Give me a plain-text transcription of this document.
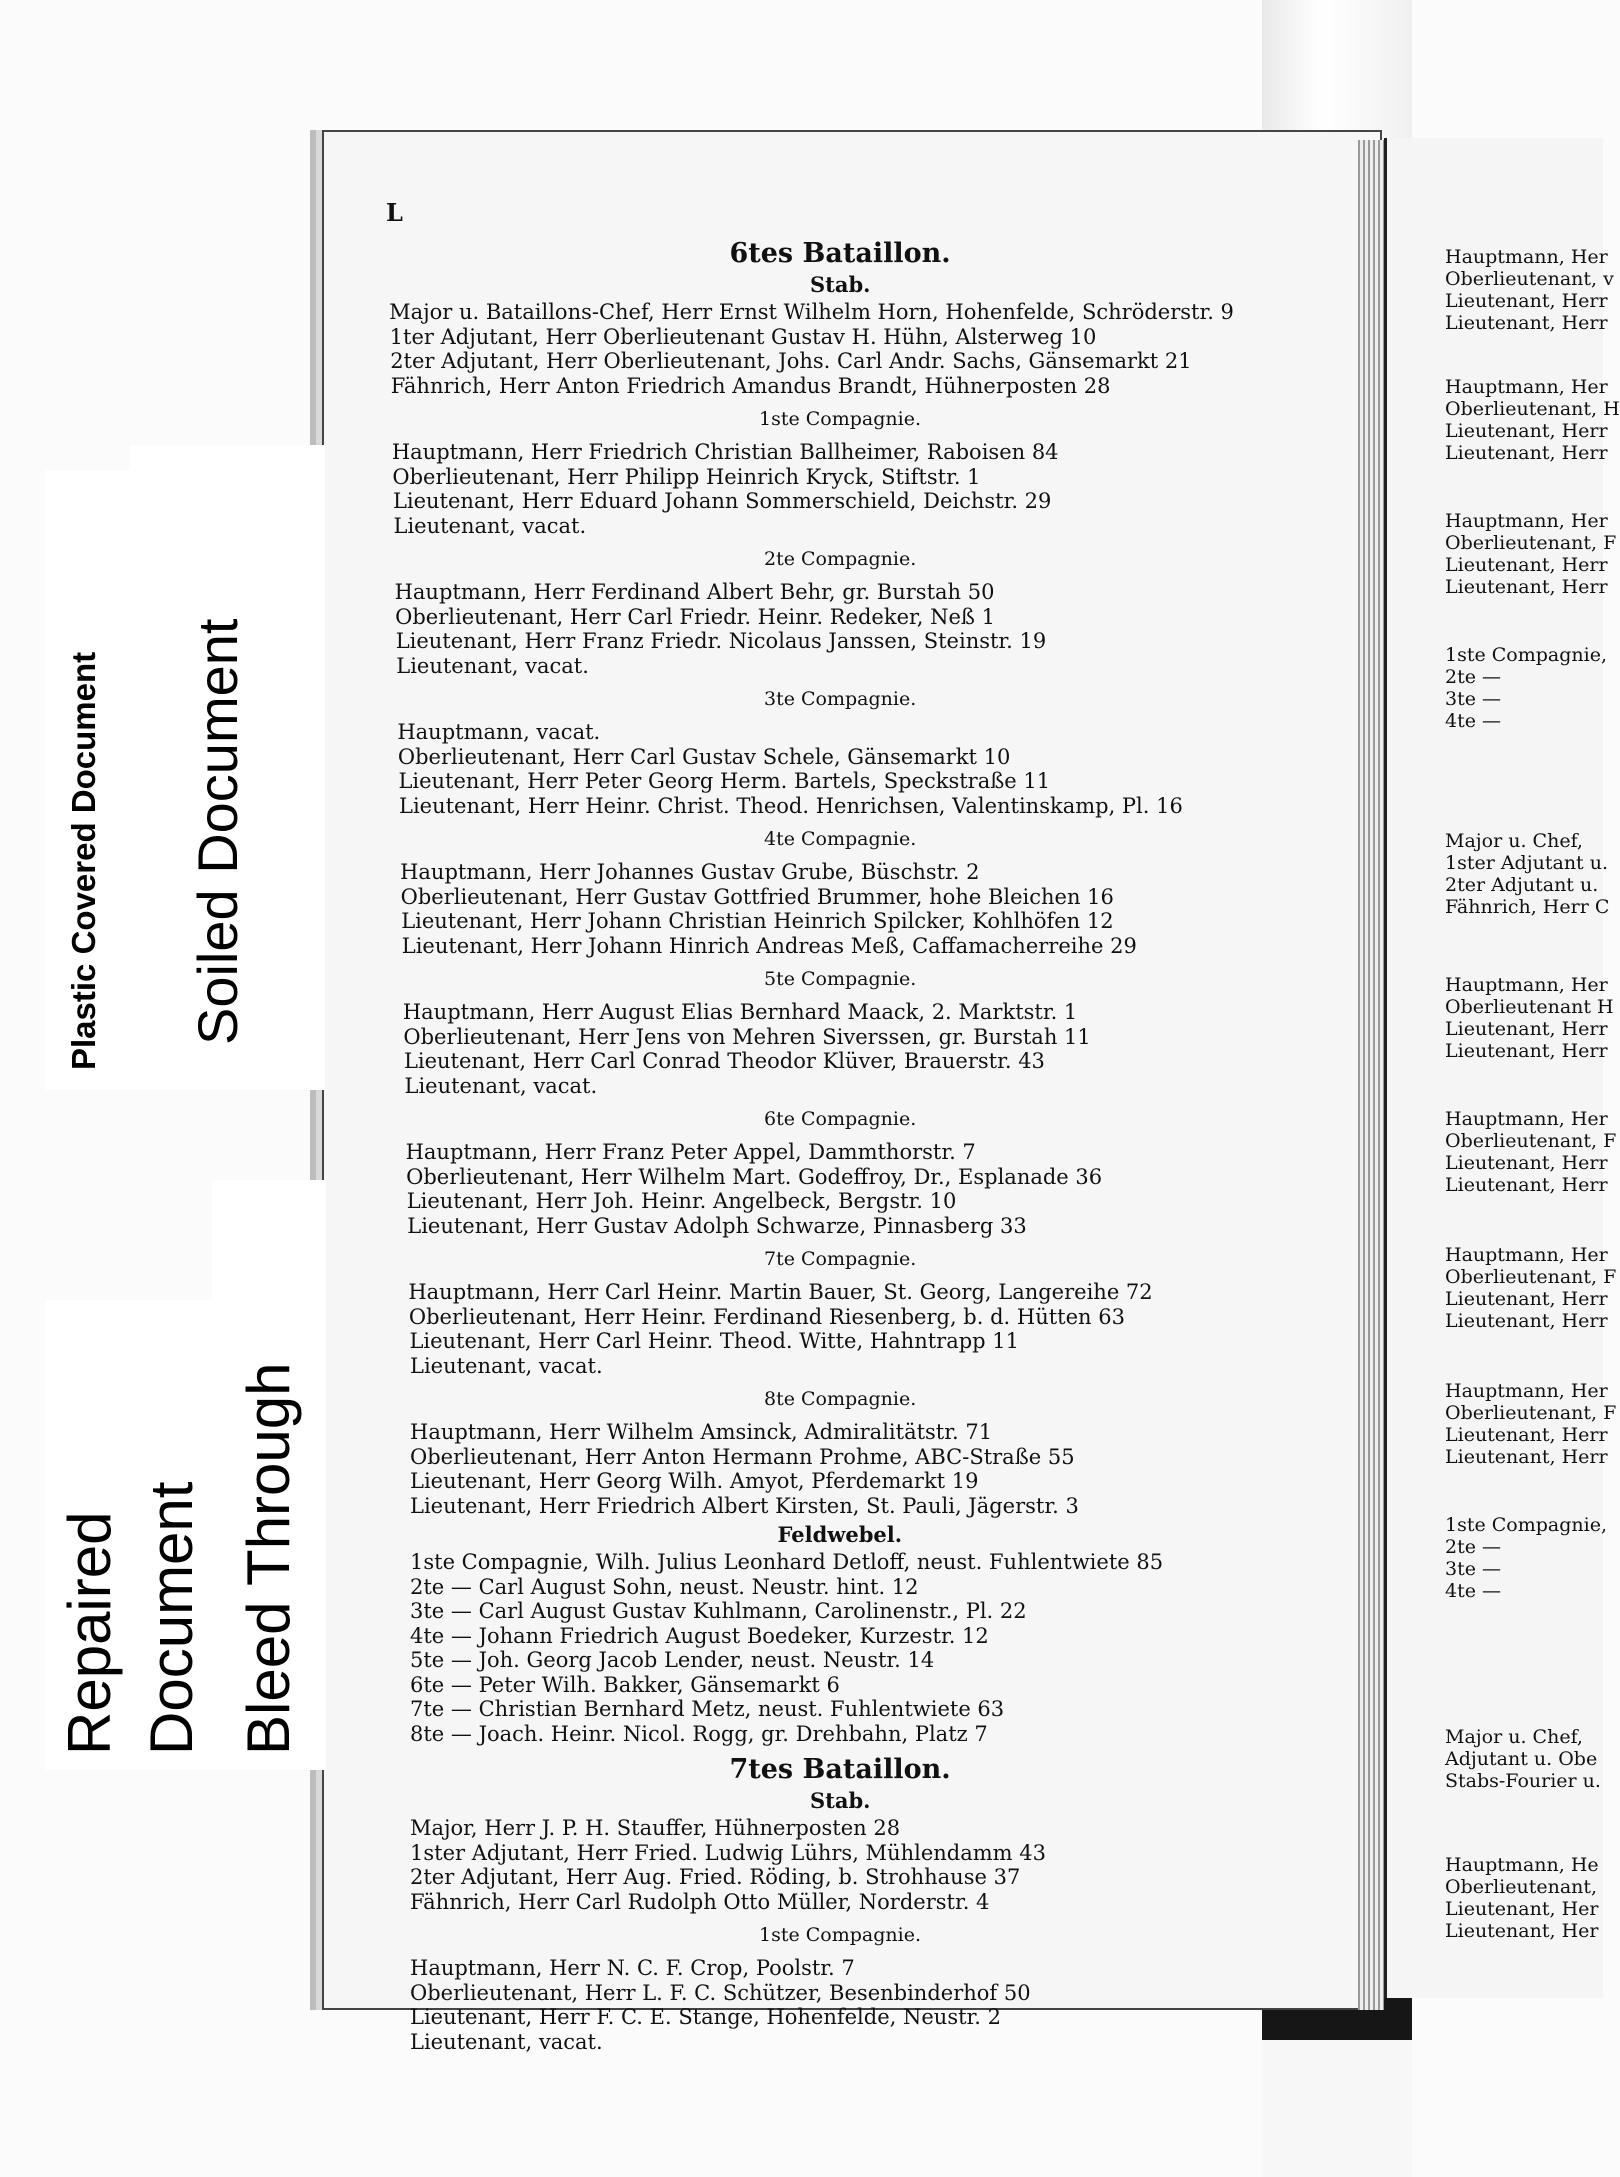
Hauptmann, Her
Oberlieutenant, v
Lieutenant, Herr
Lieutenant, Herr
Hauptmann, Her
Oberlieutenant, H
Lieutenant, Herr
Lieutenant, Herr
Hauptmann, Her
Oberlieutenant, F
Lieutenant, Herr
Lieutenant, Herr
1ste Compagnie,
2te —
3te —
4te —
Major u. Chef,
1ster Adjutant u.
2ter Adjutant u.
Fähnrich, Herr C
Hauptmann, Her
Oberlieutenant H
Lieutenant, Herr
Lieutenant, Herr
Hauptmann, Her
Oberlieutenant, F
Lieutenant, Herr
Lieutenant, Herr
Hauptmann, Her
Oberlieutenant, F
Lieutenant, Herr
Lieutenant, Herr
Hauptmann, Her
Oberlieutenant, F
Lieutenant, Herr
Lieutenant, Herr
1ste Compagnie,
2te —
3te —
4te —
Major u. Chef,
Adjutant u. Obe
Stabs-Fourier u.
Hauptmann, He
Oberlieutenant,
Lieutenant, Her
Lieutenant, Her
L
6tes Bataillon.
Stab.
Major u. Bataillons-Chef, Herr Ernst Wilhelm Horn, Hohenfelde, Schröderstr. 9
1ter Adjutant, Herr Oberlieutenant Gustav H. Hühn, Alsterweg 10
2ter Adjutant, Herr Oberlieutenant, Johs. Carl Andr. Sachs, Gänsemarkt 21
Fähnrich, Herr Anton Friedrich Amandus Brandt, Hühnerposten 28
1ste Compagnie.
Hauptmann, Herr Friedrich Christian Ballheimer, Raboisen 84
Oberlieutenant, Herr Philipp Heinrich Kryck, Stiftstr. 1
Lieutenant, Herr Eduard Johann Sommerschield, Deichstr. 29
Lieutenant, vacat.
2te Compagnie.
Hauptmann, Herr Ferdinand Albert Behr, gr. Burstah 50
Oberlieutenant, Herr Carl Friedr. Heinr. Redeker, Neß 1
Lieutenant, Herr Franz Friedr. Nicolaus Janssen, Steinstr. 19
Lieutenant, vacat.
3te Compagnie.
Hauptmann, vacat.
Oberlieutenant, Herr Carl Gustav Schele, Gänsemarkt 10
Lieutenant, Herr Peter Georg Herm. Bartels, Speckstraße 11
Lieutenant, Herr Heinr. Christ. Theod. Henrichsen, Valentinskamp, Pl. 16
4te Compagnie.
Hauptmann, Herr Johannes Gustav Grube, Büschstr. 2
Oberlieutenant, Herr Gustav Gottfried Brummer, hohe Bleichen 16
Lieutenant, Herr Johann Christian Heinrich Spilcker, Kohlhöfen 12
Lieutenant, Herr Johann Hinrich Andreas Meß, Caffamacherreihe 29
5te Compagnie.
Hauptmann, Herr August Elias Bernhard Maack, 2. Marktstr. 1
Oberlieutenant, Herr Jens von Mehren Siverssen, gr. Burstah 11
Lieutenant, Herr Carl Conrad Theodor Klüver, Brauerstr. 43
Lieutenant, vacat.
6te Compagnie.
Hauptmann, Herr Franz Peter Appel, Dammthorstr. 7
Oberlieutenant, Herr Wilhelm Mart. Godeffroy, Dr., Esplanade 36
Lieutenant, Herr Joh. Heinr. Angelbeck, Bergstr. 10
Lieutenant, Herr Gustav Adolph Schwarze, Pinnasberg 33
7te Compagnie.
Hauptmann, Herr Carl Heinr. Martin Bauer, St. Georg, Langereihe 72
Oberlieutenant, Herr Heinr. Ferdinand Riesenberg, b. d. Hütten 63
Lieutenant, Herr Carl Heinr. Theod. Witte, Hahntrapp 11
Lieutenant, vacat.
8te Compagnie.
Hauptmann, Herr Wilhelm Amsinck, Admiralitätstr. 71
Oberlieutenant, Herr Anton Hermann Prohme, ABC-Straße 55
Lieutenant, Herr Georg Wilh. Amyot, Pferdemarkt 19
Lieutenant, Herr Friedrich Albert Kirsten, St. Pauli, Jägerstr. 3
Feldwebel.
1ste Compagnie, Wilh. Julius Leonhard Detloff, neust. Fuhlentwiete 85
2te — Carl August Sohn, neust. Neustr. hint. 12
3te — Carl August Gustav Kuhlmann, Carolinenstr., Pl. 22
4te — Johann Friedrich August Boedeker, Kurzestr. 12
5te — Joh. Georg Jacob Lender, neust. Neustr. 14
6te — Peter Wilh. Bakker, Gänsemarkt 6
7te — Christian Bernhard Metz, neust. Fuhlentwiete 63
8te — Joach. Heinr. Nicol. Rogg, gr. Drehbahn, Platz 7
7tes Bataillon.
Stab.
Major, Herr J. P. H. Stauffer, Hühnerposten 28
1ster Adjutant, Herr Fried. Ludwig Lührs, Mühlendamm 43
2ter Adjutant, Herr Aug. Fried. Röding, b. Strohhause 37
Fähnrich, Herr Carl Rudolph Otto Müller, Norderstr. 4
1ste Compagnie.
Hauptmann, Herr N. C. F. Crop, Poolstr. 7
Oberlieutenant, Herr L. F. C. Schützer, Besenbinderhof 50
Lieutenant, Herr F. C. E. Stange, Hohenfelde, Neustr. 2
Lieutenant, vacat.
Plastic Covered Document Soiled Document
Repaired Document Bleed Through
